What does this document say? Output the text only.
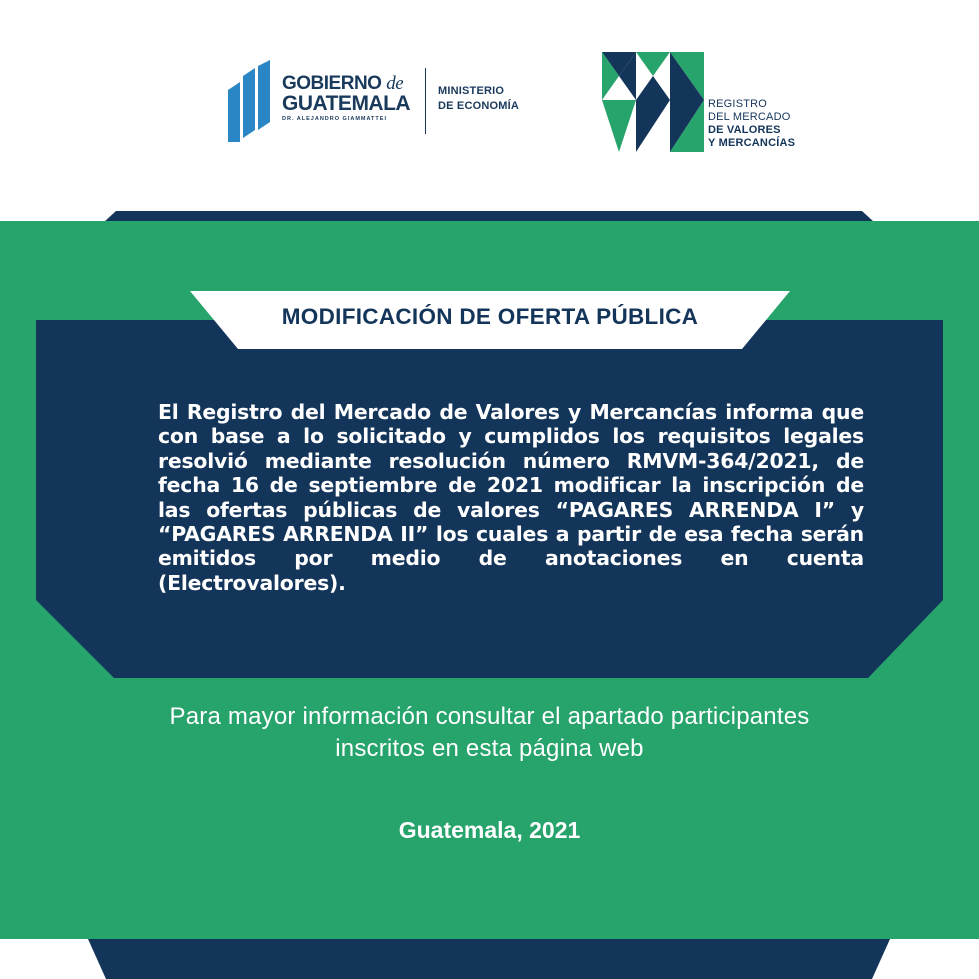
GOBIERNO de
GUATEMALA
DR. ALEJANDRO GIAMMATTEI
MINISTERIO
DE ECONOMÍA	REGISTRO
DEL MERCADO
DE VALORES
Y MERCANCÍAS
MODIFICACIÓN DE OFERTA PÚBLICA
El Registro del Mercado de Valores y Mercancías informa que con base a lo solicitado y cumplidos los requisitos legales resolvió mediante resolución número RMVM-364/2021, de fecha 16 de septiembre de 2021 modificar la inscripción de las ofertas públicas de valores “PAGARES ARRENDA I” y “PAGARES ARRENDA II” los cuales a partir de esa fecha serán emitidos por medio de anotaciones en cuenta (Electrovalores).
Para mayor información consultar el apartado participantes
inscritos en esta página web
Guatemala, 2021
